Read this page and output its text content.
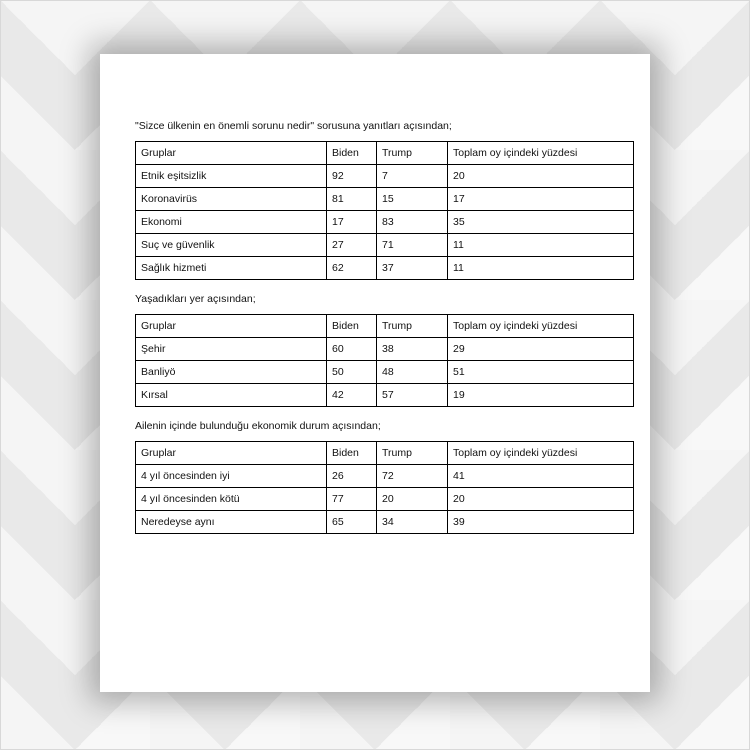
"Sizce ülkenin en önemli sorunu nedir" sorusuna yanıtları açısından;
Gruplar	Biden	Trump	Toplam oy içindeki yüzdesi
Etnik eşitsizlik	92	7	20
Koronavirüs	81	15	17
Ekonomi	17	83	35
Suç ve güvenlik	27	71	11
Sağlık hizmeti	62	37	11
Yaşadıkları yer açısından;
Gruplar	Biden	Trump	Toplam oy içindeki yüzdesi
Şehir	60	38	29
Banliyö	50	48	51
Kırsal	42	57	19
Ailenin içinde bulunduğu ekonomik durum açısından;
Gruplar	Biden	Trump	Toplam oy içindeki yüzdesi
4 yıl öncesinden iyi	26	72	41
4 yıl öncesinden kötü	77	20	20
Neredeyse aynı	65	34	39
